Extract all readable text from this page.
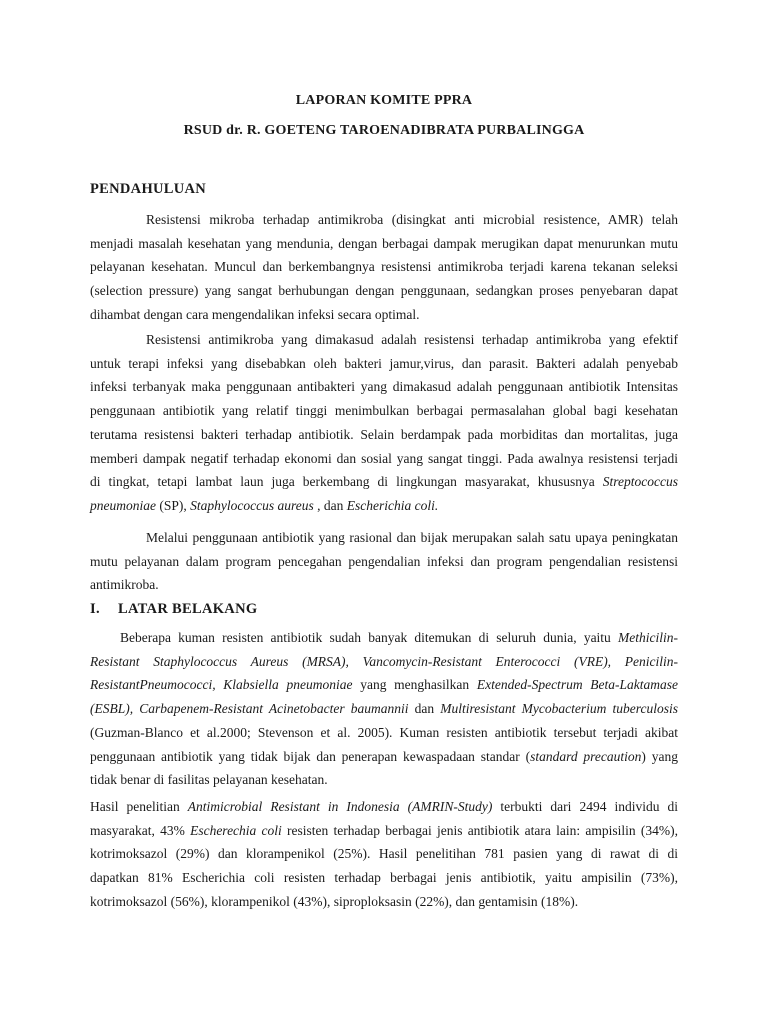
LAPORAN KOMITE PPRA
RSUD dr. R. GOETENG TAROENADIBRATA PURBALINGGA
PENDAHULUAN
Resistensi mikroba terhadap antimikroba (disingkat anti microbial resistence, AMR) telah
menjadi masalah kesehatan yang mendunia, dengan berbagai dampak merugikan dapat menurunkan mutu
pelayanan kesehatan. Muncul dan berkembangnya resistensi antimikroba terjadi karena tekanan seleksi
(selection pressure) yang sangat berhubungan dengan penggunaan, sedangkan proses penyebaran dapat
dihambat dengan cara mengendalikan infeksi secara optimal.
Resistensi antimikroba yang dimakasud adalah resistensi terhadap antimikroba yang efektif
untuk terapi infeksi yang disebabkan oleh bakteri jamur,virus, dan parasit. Bakteri adalah penyebab
infeksi terbanyak maka penggunaan antibakteri yang dimakasud adalah penggunaan antibiotik Intensitas
penggunaan antibiotik yang relatif tinggi menimbulkan berbagai permasalahan global bagi kesehatan
terutama resistensi bakteri terhadap antibiotik. Selain berdampak pada morbiditas dan mortalitas, juga
memberi dampak negatif terhadap ekonomi dan sosial yang sangat tinggi. Pada awalnya resistensi terjadi
di tingkat, tetapi lambat laun juga berkembang di lingkungan masyarakat, khususnya Streptococcus
pneumoniae (SP), Staphylococcus aureus , dan Escherichia coli.
Melalui penggunaan antibiotik yang rasional dan bijak merupakan salah satu upaya peningkatan
mutu pelayanan dalam program pencegahan pengendalian infeksi dan program pengendalian resistensi
antimikroba.
I. LATAR BELAKANG
Beberapa kuman resisten antibiotik sudah banyak ditemukan di seluruh dunia, yaitu Methicilin-
Resistant Staphylococcus Aureus (MRSA), Vancomycin-Resistant Enterococci (VRE), Penicilin-
ResistantPneumococci, Klabsiella pneumoniae yang menghasilkan Extended-Spectrum Beta-Laktamase
(ESBL), Carbapenem-Resistant Acinetobacter baumannii dan Multiresistant Mycobacterium tuberculosis
(Guzman-Blanco et al.2000; Stevenson et al. 2005). Kuman resisten antibiotik tersebut terjadi akibat
penggunaan antibiotik yang tidak bijak dan penerapan kewaspadaan standar (standard precaution) yang
tidak benar di fasilitas pelayanan kesehatan.
Hasil penelitian Antimicrobial Resistant in Indonesia (AMRIN-Study) terbukti dari 2494 individu di
masyarakat, 43% Escherechia coli resisten terhadap berbagai jenis antibiotik atara lain: ampisilin (34%),
kotrimoksazol (29%) dan klorampenikol (25%). Hasil penelitihan 781 pasien yang di rawat di di
dapatkan 81% Escherichia coli resisten terhadap berbagai jenis antibiotik, yaitu ampisilin (73%),
kotrimoksazol (56%), klorampenikol (43%), siproploksasin (22%), dan gentamisin (18%).
